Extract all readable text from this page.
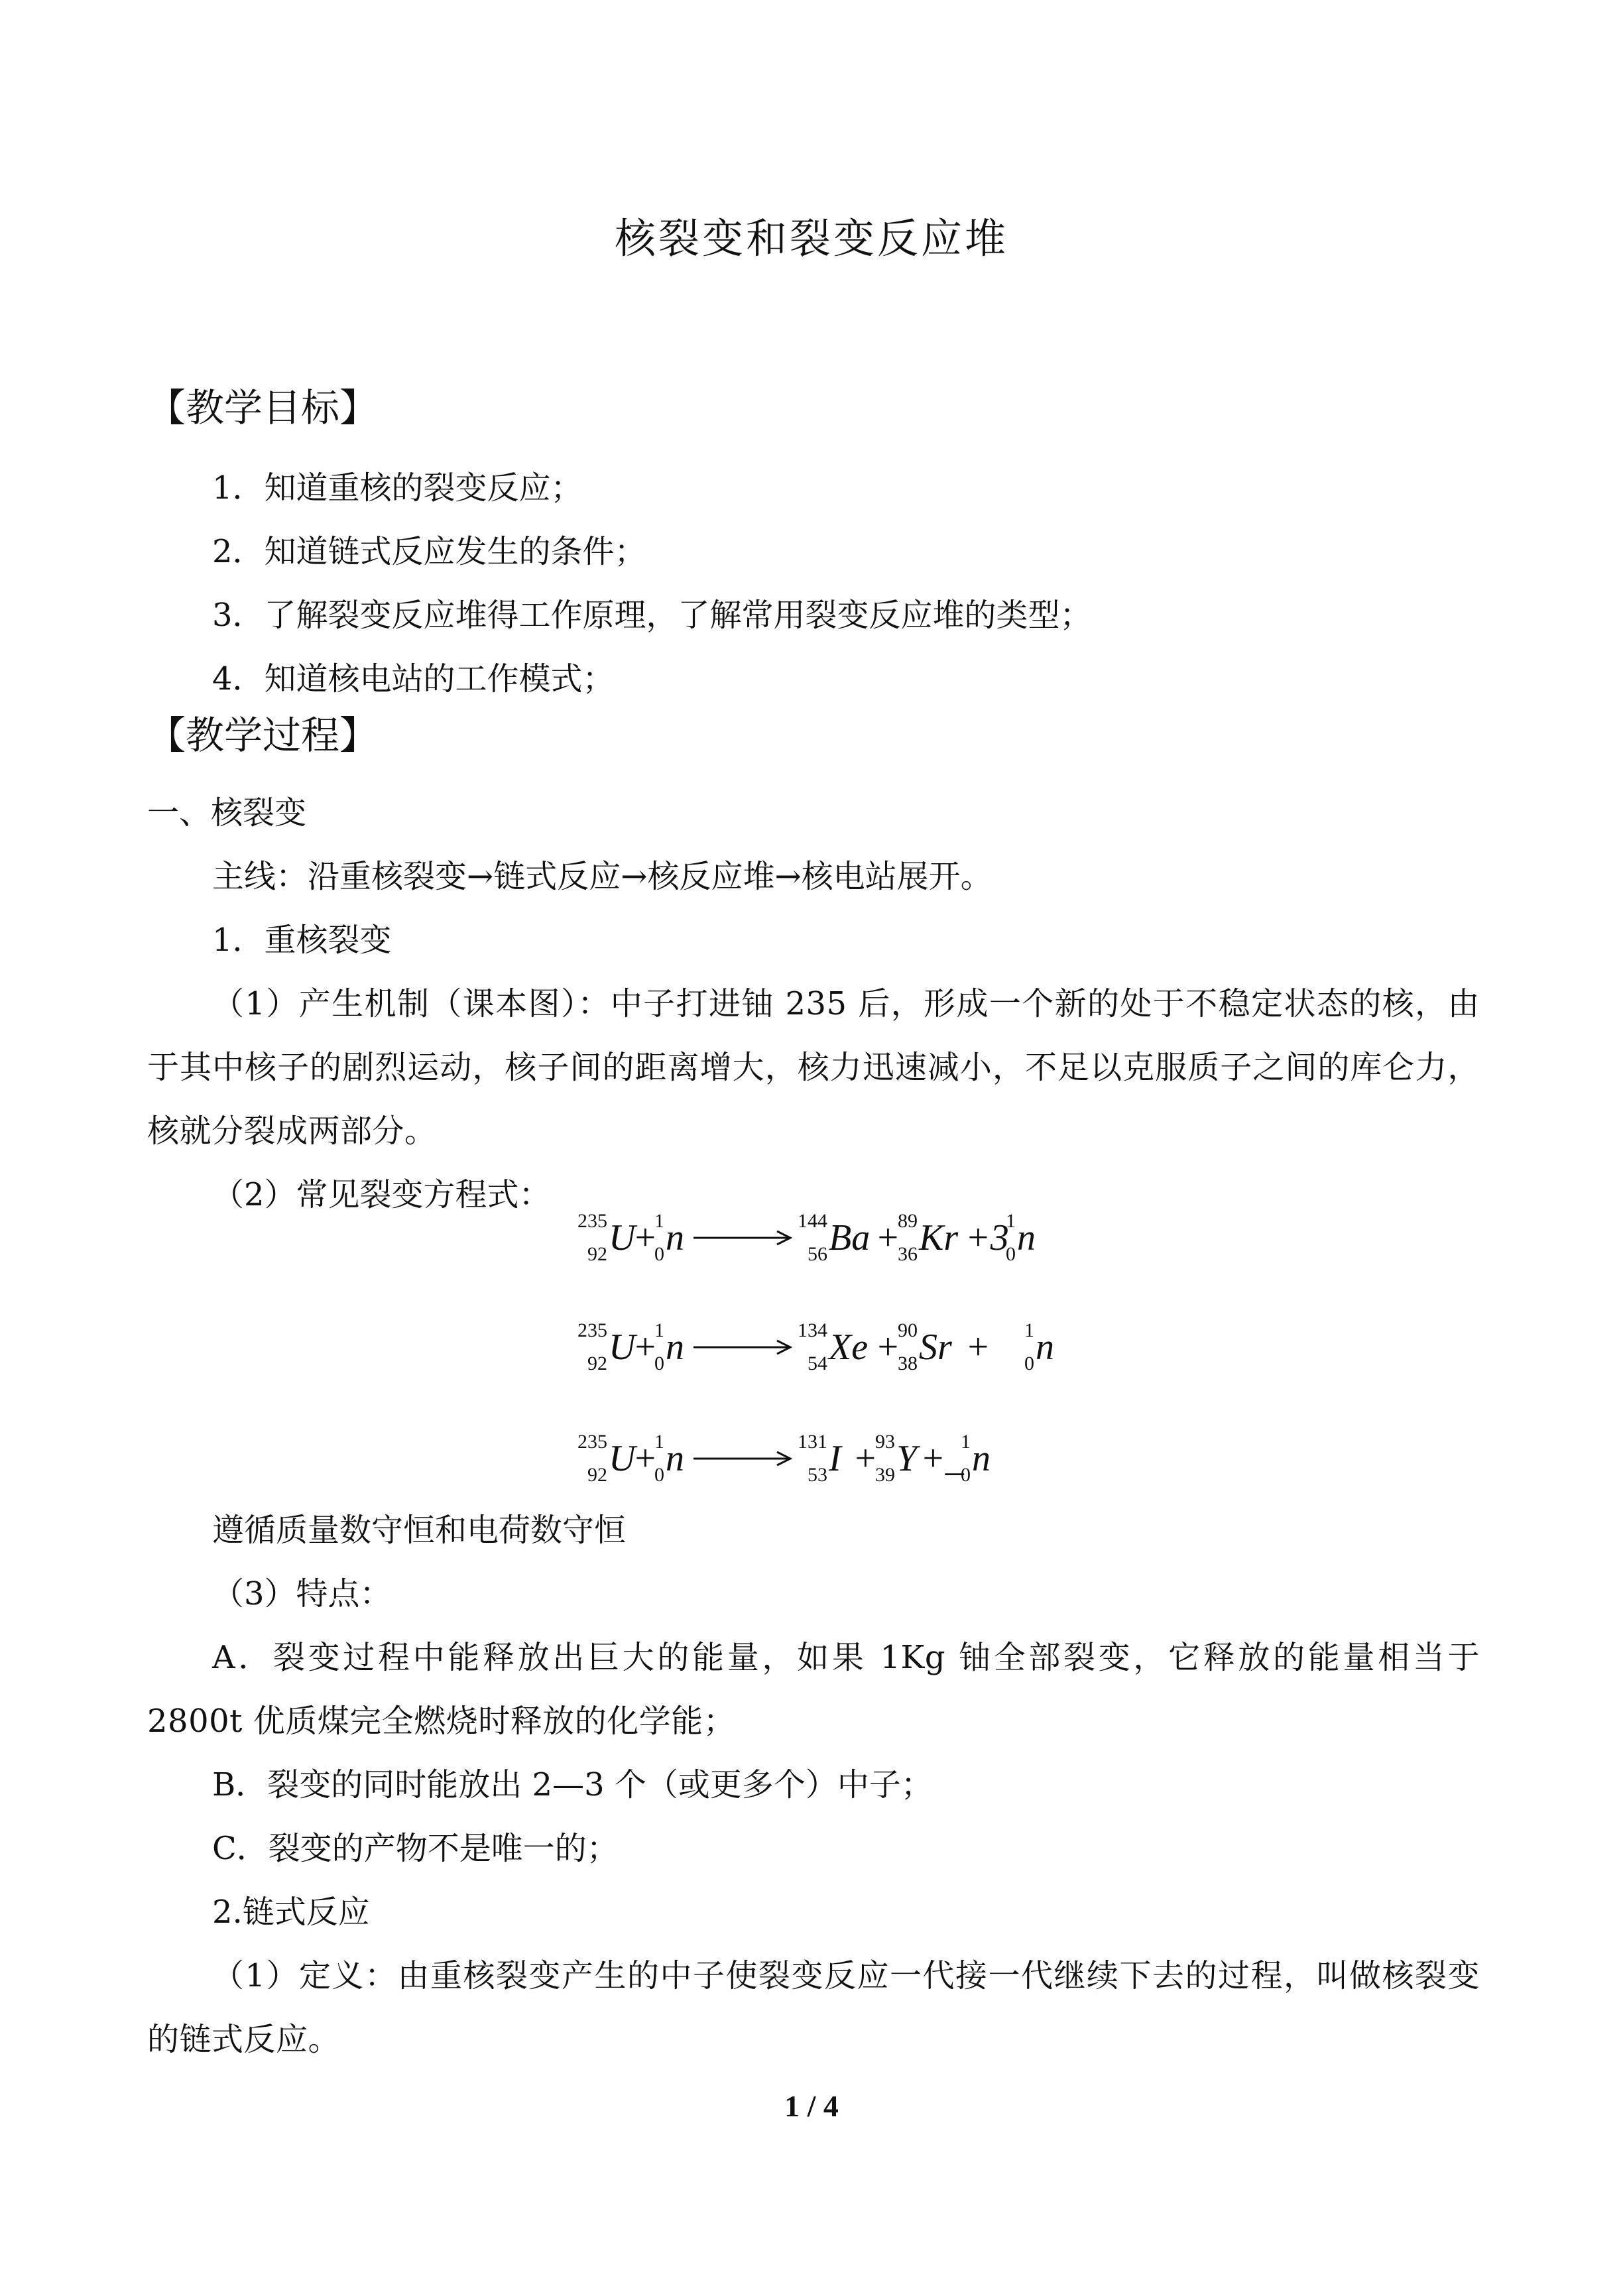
核裂变和裂变反应堆
【教学目标】
1．知道重核的裂变反应；
2．知道链式反应发生的条件；
3．了解裂变反应堆得工作原理，了解常用裂变反应堆的类型；
4．知道核电站的工作模式；
【教学过程】
一、核裂变
主线：沿重核裂变→链式反应→核反应堆→核电站展开。
1．重核裂变
（1）产生机制（课本图）：中子打进铀 235 后，形成一个新的处于不稳定状态的核，由于其中核子的剧烈运动，核子间的距离增大，核力迅速减小，不足以克服质子之间的库仑力，核就分裂成两部分。
（2）常见裂变方程式：
235
92 U
+
1
0 n	144
56 Ba +
89
36 Kr +3
1
0 n
235
92 U
+
1
0 n	134
54 Xe +
90
38 Sr + 1
0 n
235
92 U
+
1
0 n	131
53 I +
93
39 Y +_
1
0 n
遵循质量数守恒和电荷数守恒
（3）特点：
A．裂变过程中能释放出巨大的能量，如果 1Kg 铀全部裂变，它释放的能量相当于 2800t 优质煤完全燃烧时释放的化学能；
B．裂变的同时能放出 2—3 个（或更多个）中子；
C．裂变的产物不是唯一的；
2.链式反应
（1）定义：由重核裂变产生的中子使裂变反应一代接一代继续下去的过程，叫做核裂变的链式反应。
1 / 4
